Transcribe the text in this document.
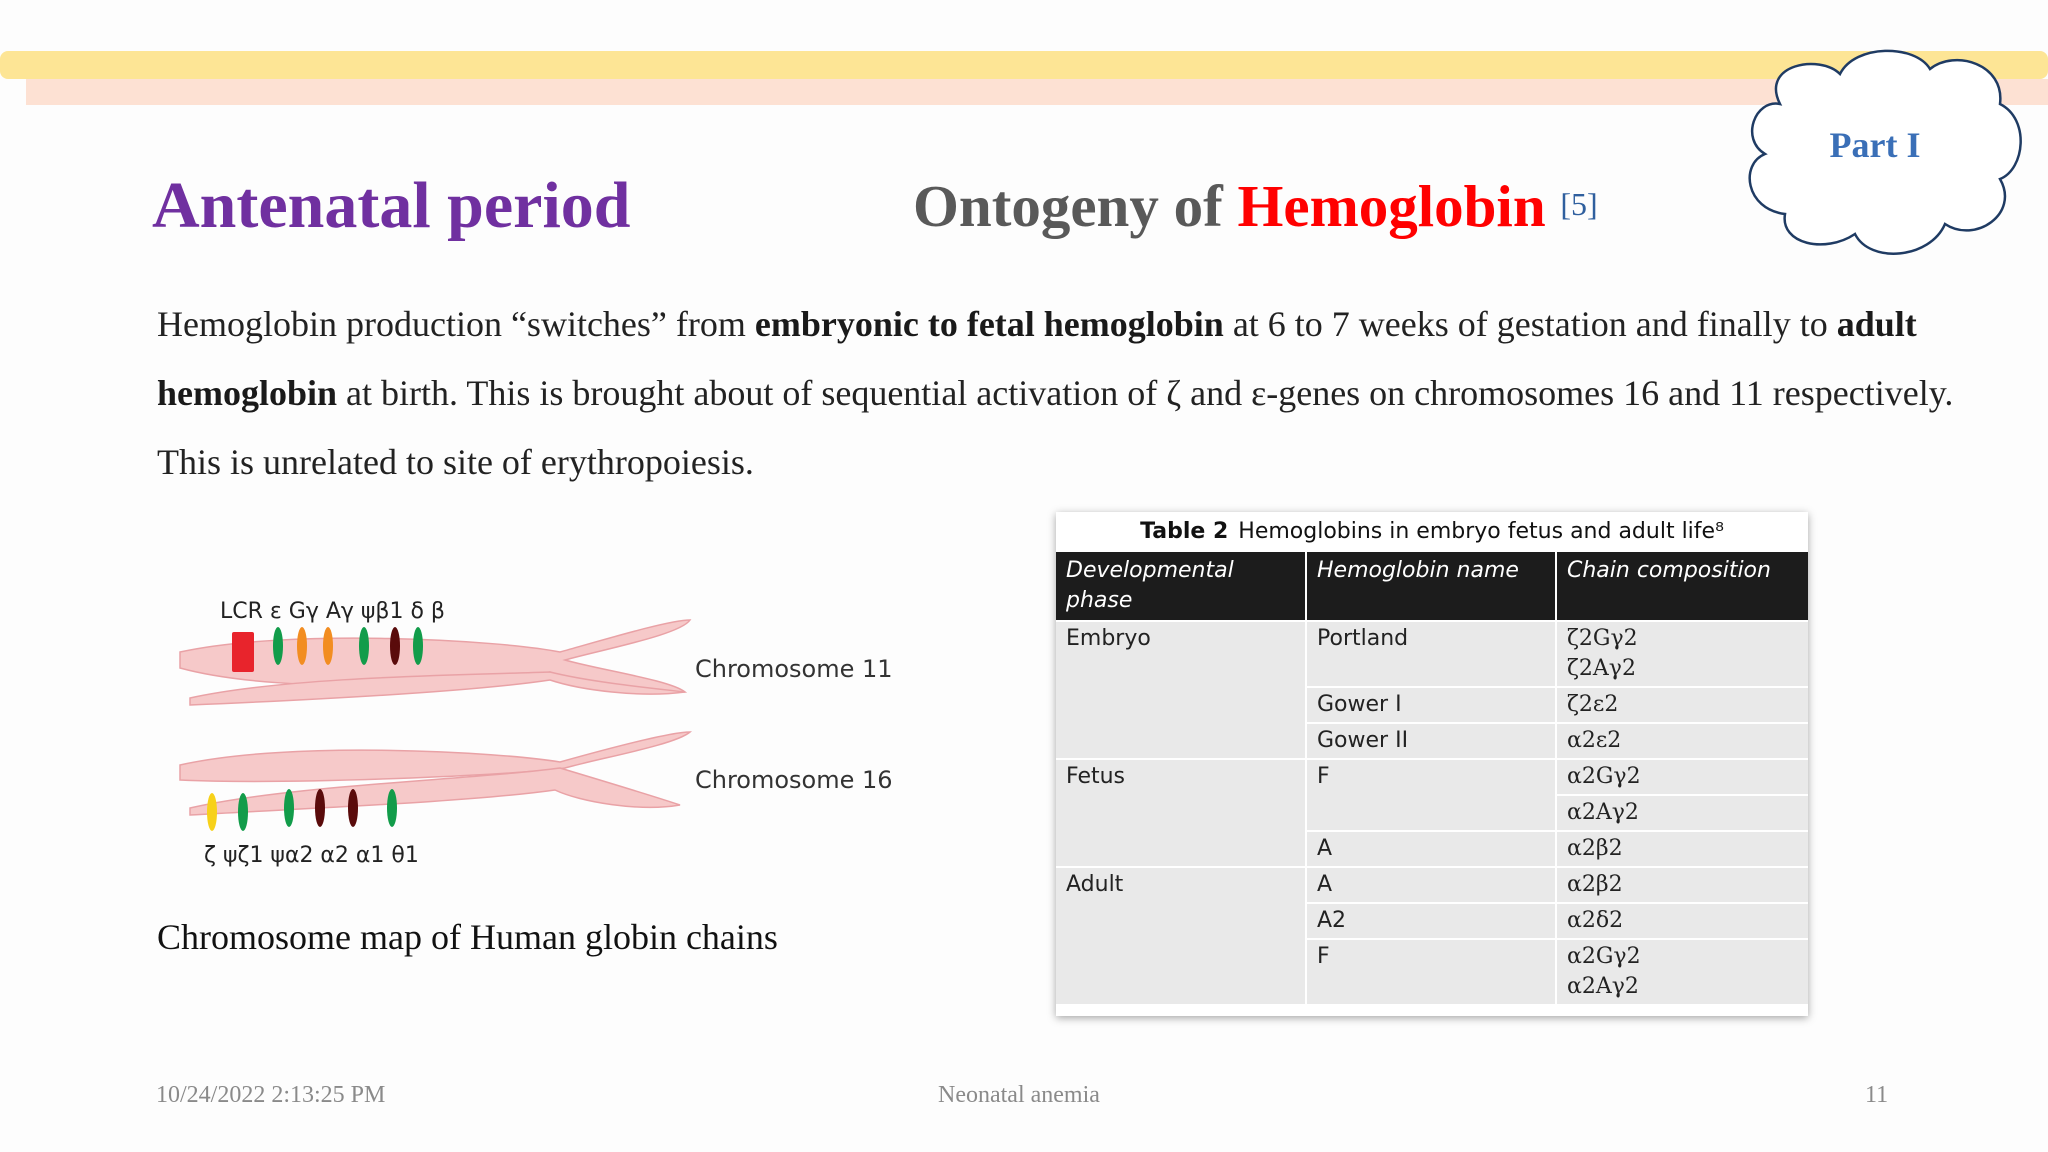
Part I
Antenatal period	Ontogeny of Hemoglobin [5]

Hemoglobin production “switches” from embryonic to fetal hemoglobin at 6 to 7 weeks of gestation and finally to adult hemoglobin at birth. This is brought about of sequential activation of ζ and ε-genes on chromosomes 16 and 11 respectively. This is unrelated to site of erythropoiesis.

LCR ε Gγ Aγ ψβ1 δ β
Chromosome 11
ζ ψζ1 ψα2 α2 α1 θ1
Chromosome 16
Chromosome map of Human globin chains
Table 2 Hemoglobins in embryo fetus and adult life⁸
Developmental phase	Hemoglobin name	Chain composition
Embryo	Portland	ζ2Gγ2
ζ2Aγ2

	Gower I	ζ2ε2
	Gower II	α2ε2
Fetus	F	α2Gγ2
		α2Aγ2
	A	α2β2
Adult	A	α2β2
	A2	α2δ2
	F	α2Gγ2
α2Aγ2
10/24/2022 2:13:25 PM	Neonatal anemia	11
